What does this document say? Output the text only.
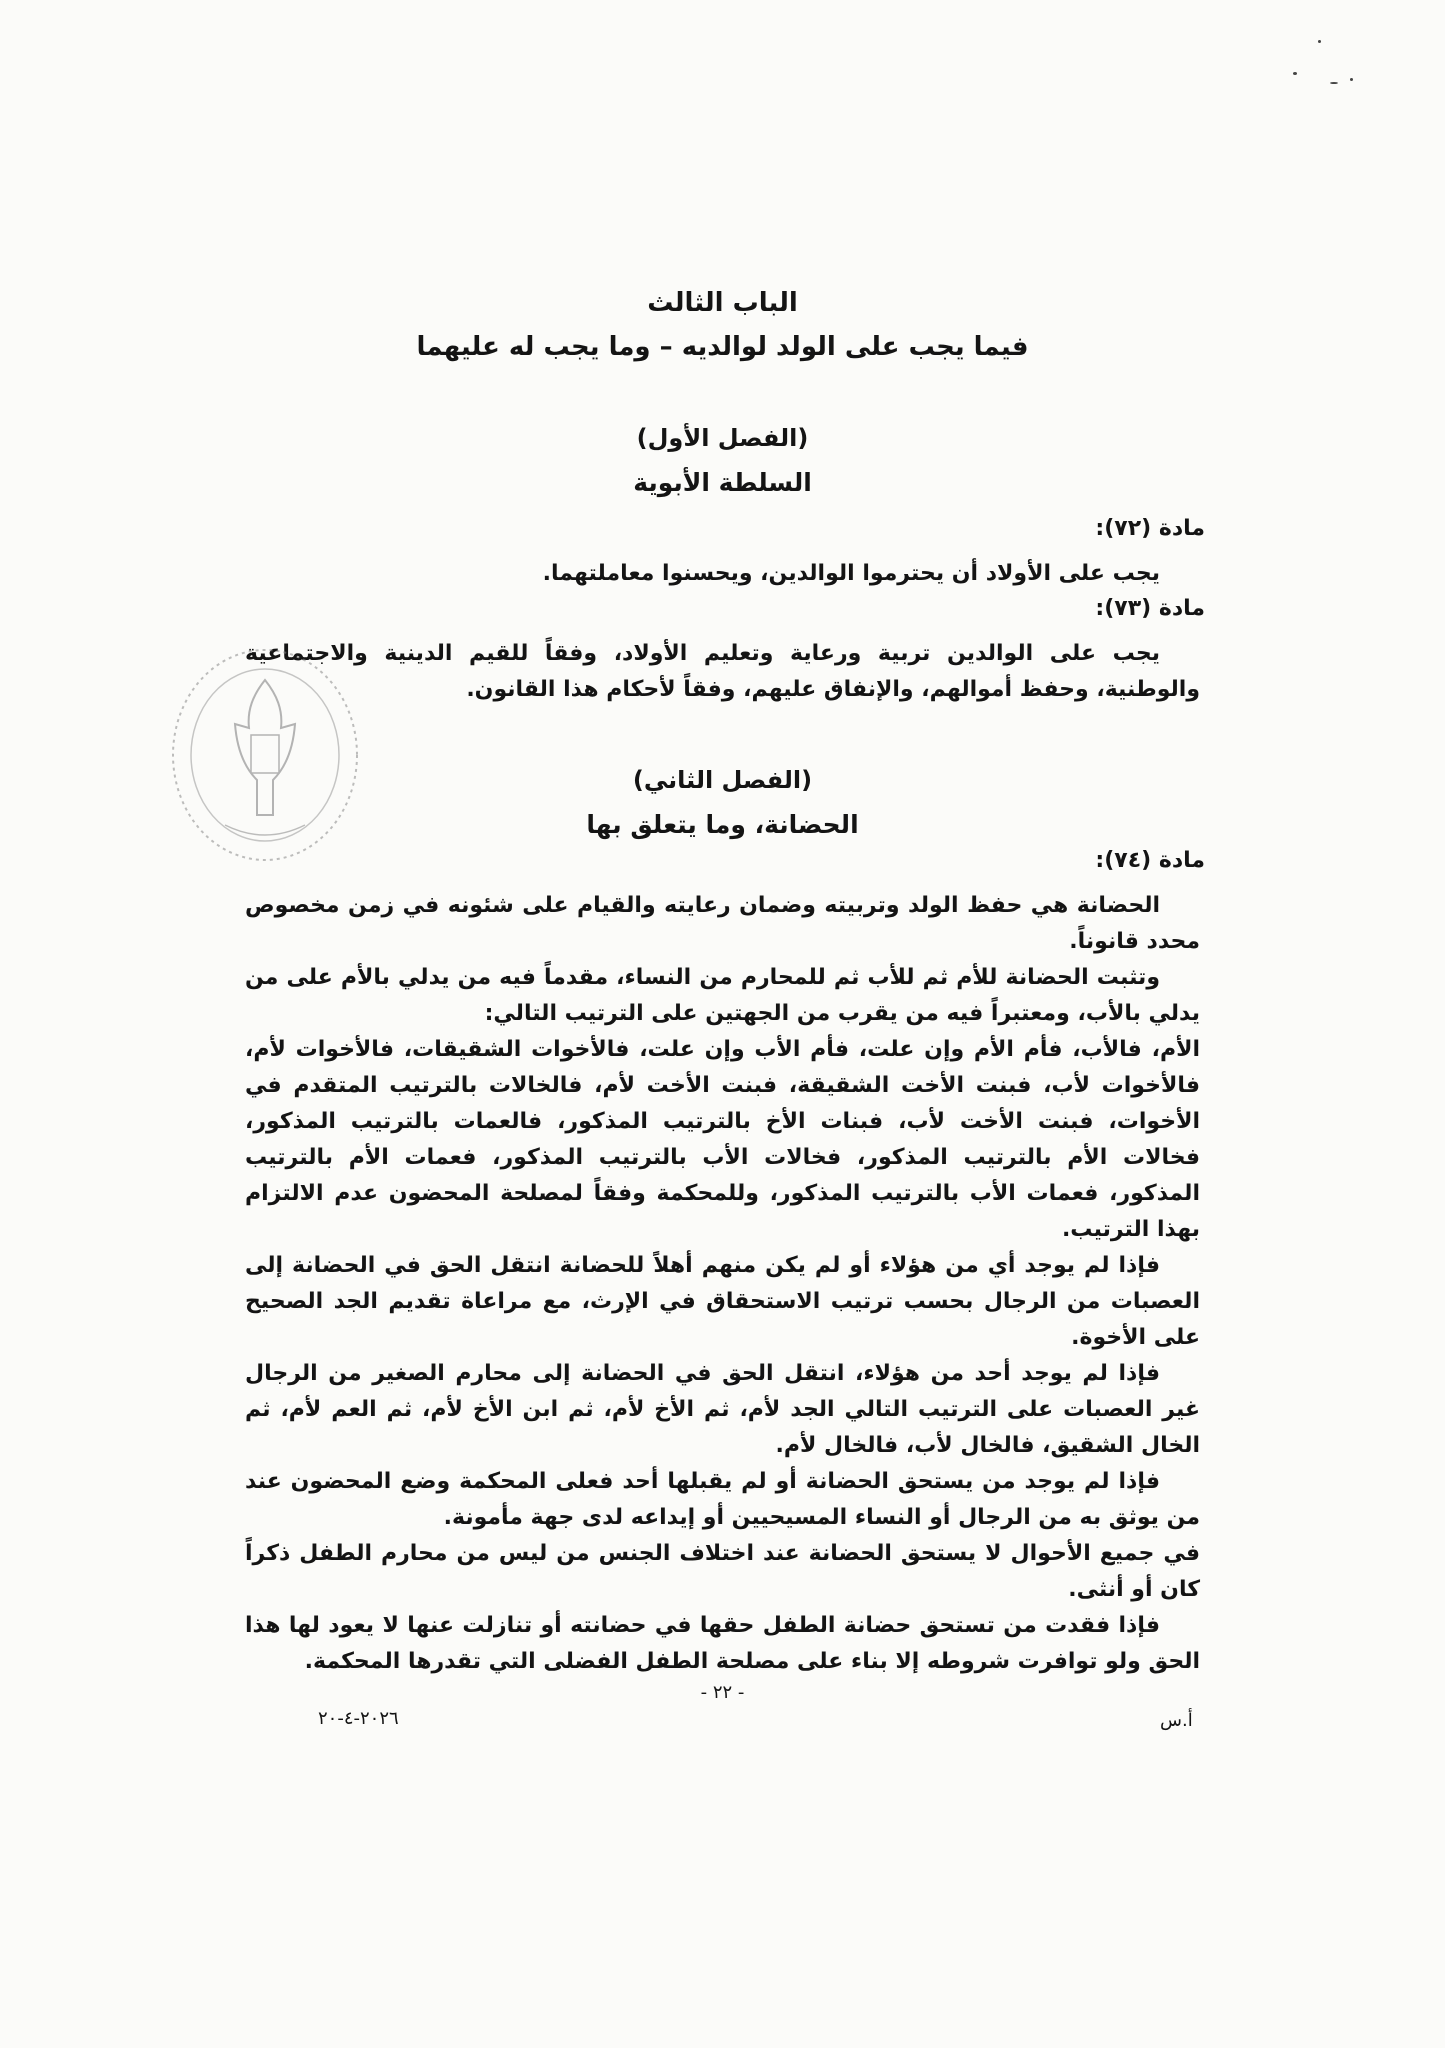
الباب الثالث
فيما يجب على الولد لوالديه – وما يجب له عليهما
(الفصل الأول)
السلطة الأبوية
مادة (٧٢):

يجب على الأولاد أن يحترموا الوالدين، ويحسنوا معاملتهما.

مادة (٧٣):

يجب على الوالدين تربية ورعاية وتعليم الأولاد، وفقاً للقيم الدينية والاجتماعية والوطنية، وحفظ أموالهم، والإنفاق عليهم، وفقاً لأحكام هذا القانون.

(الفصل الثاني)
الحضانة، وما يتعلق بها
مادة (٧٤):

الحضانة هي حفظ الولد وتربيته وضمان رعايته والقيام على شئونه في زمن مخصوص محدد قانوناً.

وتثبت الحضانة للأم ثم للأب ثم للمحارم من النساء، مقدماً فيه من يدلي بالأم على من يدلي بالأب، ومعتبراً فيه من يقرب من الجهتين على الترتيب التالي:

الأم، فالأب، فأم الأم وإن علت، فأم الأب وإن علت، فالأخوات الشقيقات، فالأخوات لأم، فالأخوات لأب، فبنت الأخت الشقيقة، فبنت الأخت لأم، فالخالات بالترتيب المتقدم في الأخوات، فبنت الأخت لأب، فبنات الأخ بالترتيب المذكور، فالعمات بالترتيب المذكور، فخالات الأم بالترتيب المذكور، فخالات الأب بالترتيب المذكور، فعمات الأم بالترتيب المذكور، فعمات الأب بالترتيب المذكور، وللمحكمة وفقاً لمصلحة المحضون عدم الالتزام بهذا الترتيب.

فإذا لم يوجد أي من هؤلاء أو لم يكن منهم أهلاً للحضانة انتقل الحق في الحضانة إلى العصبات من الرجال بحسب ترتيب الاستحقاق في الإرث، مع مراعاة تقديم الجد الصحيح على الأخوة.

فإذا لم يوجد أحد من هؤلاء، انتقل الحق في الحضانة إلى محارم الصغير من الرجال غير العصبات على الترتيب التالي الجد لأم، ثم الأخ لأم، ثم ابن الأخ لأم، ثم العم لأم، ثم الخال الشقيق، فالخال لأب، فالخال لأم.

فإذا لم يوجد من يستحق الحضانة أو لم يقبلها أحد فعلى المحكمة وضع المحضون عند من يوثق به من الرجال أو النساء المسيحيين أو إيداعه لدى جهة مأمونة.

في جميع الأحوال لا يستحق الحضانة عند اختلاف الجنس من ليس من محارم الطفل ذكراً كان أو أنثى.

فإذا فقدت من تستحق حضانة الطفل حقها في حضانته أو تنازلت عنها لا يعود لها هذا الحق ولو توافرت شروطه إلا بناء على مصلحة الطفل الفضلى التي تقدرها المحكمة.

- ٢٢ -
٢٠٢٦-٤-٢٠	أ.س
